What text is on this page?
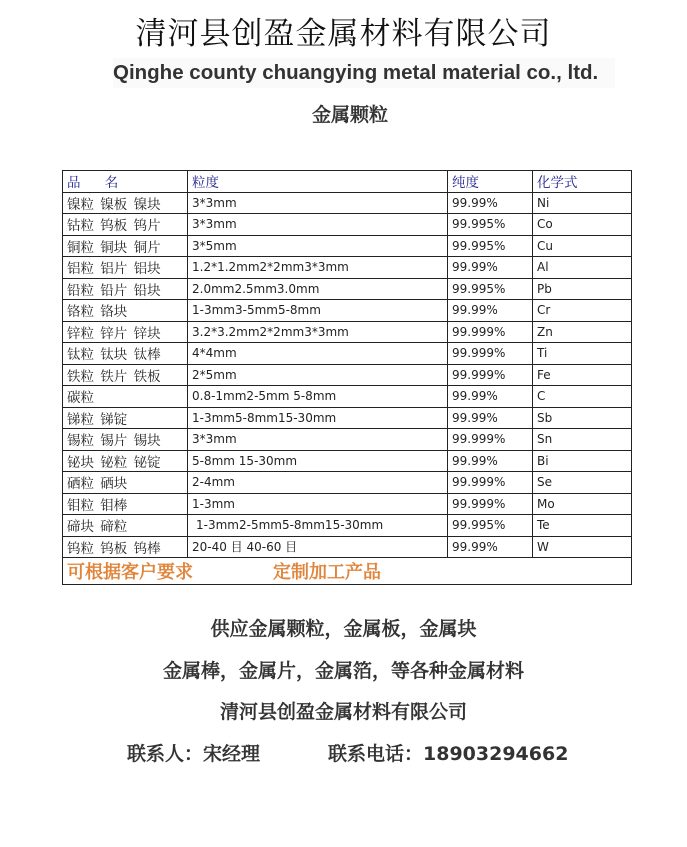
清河县创盈金属材料有限公司
Qinghe county chuangying metal material co., ltd.
金属颗粒
品 名	粒度	纯度	化学式
镍粒 镍板 镍块	3*3mm	99.99%	Ni
钴粒 钨板 钨片	3*3mm	99.995%	Co
铜粒 铜块 铜片	3*5mm	99.995%	Cu
铝粒 铝片 铝块	1.2*1.2mm2*2mm3*3mm	99.99%	Al
铅粒 铅片 铅块	2.0mm2.5mm3.0mm	99.995%	Pb
铬粒 铬块	1-3mm3-5mm5-8mm	99.99%	Cr
锌粒 锌片 锌块	3.2*3.2mm2*2mm3*3mm	99.999%	Zn
钛粒 钛块 钛棒	4*4mm	99.999%	Ti
铁粒 铁片 铁板	2*5mm	99.999%	Fe
碳粒	0.8-1mm2-5mm 5-8mm	99.99%	C
锑粒 锑锭	1-3mm5-8mm15-30mm	99.99%	Sb
锡粒 锡片 锡块	3*3mm	99.999%	Sn
铋块 铋粒 铋锭	5-8mm 15-30mm	99.99%	Bi
硒粒 硒块	2-4mm	99.999%	Se
钼粒 钼棒	1-3mm	99.999%	Mo
碲块 碲粒	1-3mm2-5mm5-8mm15-30mm	99.995%	Te
钨粒 钨板 钨棒	20-40 目 40-60 目	99.99%	W
可根据客户要求 定制加工产品			
供应金属颗粒，金属板，金属块
金属棒，金属片，金属箔，等各种金属材料
清河县创盈金属材料有限公司
联系人：宋经理	联系电话：18903294662
